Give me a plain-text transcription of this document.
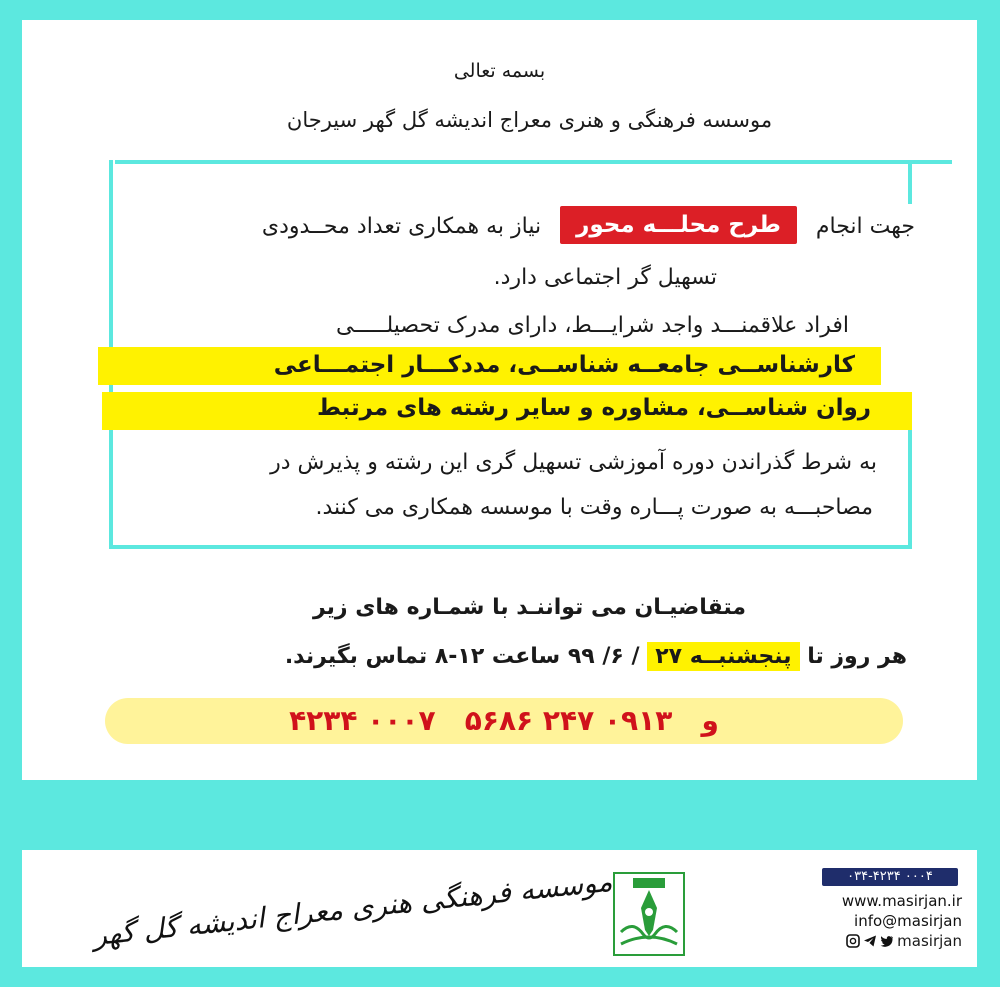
بسمه تعالی
موسسه فرهنگی و هنری معراج اندیشه گل گهر سیرجان
جهت انجام طرح محلـــه محور نیاز به همکاری تعداد محــدودی
تسهیل گر اجتماعی دارد.
افراد علاقمنـــد واجد شرایـــط، دارای مدرک تحصیلـــــی
کارشناســی جامعــه شناســی، مددکـــار اجتمـــاعی
روان شناســی، مشاوره و سایر رشته های مرتبط
به شرط گذراندن دوره آموزشی تسهیل گری این رشته و پذیرش در
مصاحبـــه به صورت پـــاره وقت با موسسه همکاری می کنند.
متقاضیـان می تواننـد با شمـاره های زیر
هر روز تا پنجشنبــه ۲۷ / ۶/ ۹۹ ساعت ۱۲-۸ تماس بگیرند.
۴۲۳۴ ۰۰۰۷	و   ۰۹۱۳ ۲۴۷ ۵۶۸۶
موسسه فرهنگی هنری معراج اندیشه گل گهر	۰۳۴-۴۲۳۴ ۰۰۰۴
www.masirjan.ir
info@masirjan
masirjan
